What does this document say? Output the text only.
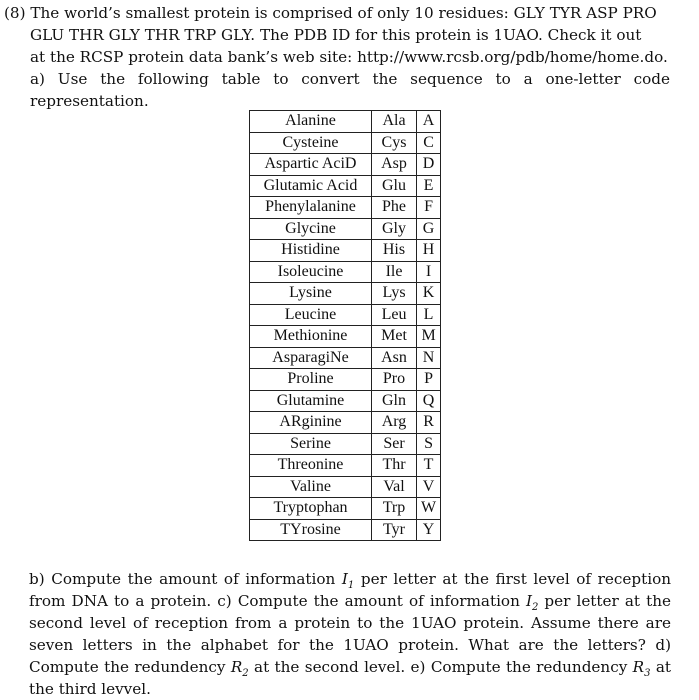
(8) The world’s smallest protein is comprised of only 10 residues: GLY TYR ASP PRO
GLU THR GLY THR TRP GLY. The PDB ID for this protein is 1UAO. Check it out
at the RCSP protein data bank’s web site: http://www.rcsb.org/pdb/home/home.do.

a) Use the following table to convert the sequence to a one-letter code representation.

Alanine	Ala	A
Cysteine	Cys	C
Aspartic AciD	Asp	D
Glutamic Acid	Glu	E
Phenylalanine	Phe	F
Glycine	Gly	G
Histidine	His	H
Isoleucine	Ile	I
Lysine	Lys	K
Leucine	Leu	L
Methionine	Met	M
AsparagiNe	Asn	N
Proline	Pro	P
Glutamine	Gln	Q
ARginine	Arg	R
Serine	Ser	S
Threonine	Thr	T
Valine	Val	V
Tryptophan	Trp	W
TYrosine	Tyr	Y

b) Compute the amount of information $I_1$ per letter at the first level of reception from DNA to a protein. c) Compute the amount of information $I_2$ per letter at the second level of reception from a protein to the 1UAO protein. Assume there are seven letters in the alphabet for the 1UAO protein. What are the letters? d) Compute the redundency $R_2$ at the second level. e) Compute the redundency $R_3$ at the third levvel.
